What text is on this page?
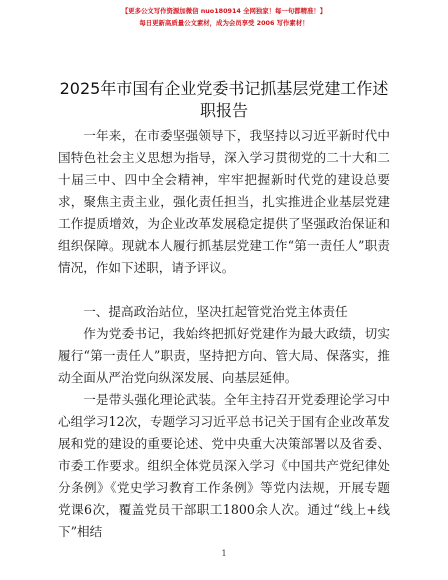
【更多公文写作资源加微信 nuo180914 全网独家！每一句都精准！】
每日更新高质量公文素材，成为会员享受 2006 写作素材！
2025年市国有企业党委书记抓基层党建工作述职报告

一年来，在市委坚强领导下，我坚持以习近平新时代中国特色社会主义思想为指导，深入学习贯彻党的二十大和二十届三中、四中全会精神，牢牢把握新时代党的建设总要求，聚焦主责主业，强化责任担当，扎实推进企业基层党建工作提质增效，为企业改革发展稳定提供了坚强政治保证和组织保障。现就本人履行抓基层党建工作“第一责任人”职责情况，作如下述职，请予评议。

一、提高政治站位，坚决扛起管党治党主体责任

作为党委书记，我始终把抓好党建作为最大政绩，切实履行“第一责任人”职责，坚持把方向、管大局、保落实，推动全面从严治党向纵深发展、向基层延伸。

一是带头强化理论武装。全年主持召开党委理论学习中心组学习12次，专题学习习近平总书记关于国有企业改革发展和党的建设的重要论述、党中央重大决策部署以及省委、市委工作要求。组织全体党员深入学习《中国共产党纪律处分条例》《党史学习教育工作条例》等党内法规，开展专题党课6次，覆盖党员干部职工1800余人次。通过“线上+线下”相结

1
